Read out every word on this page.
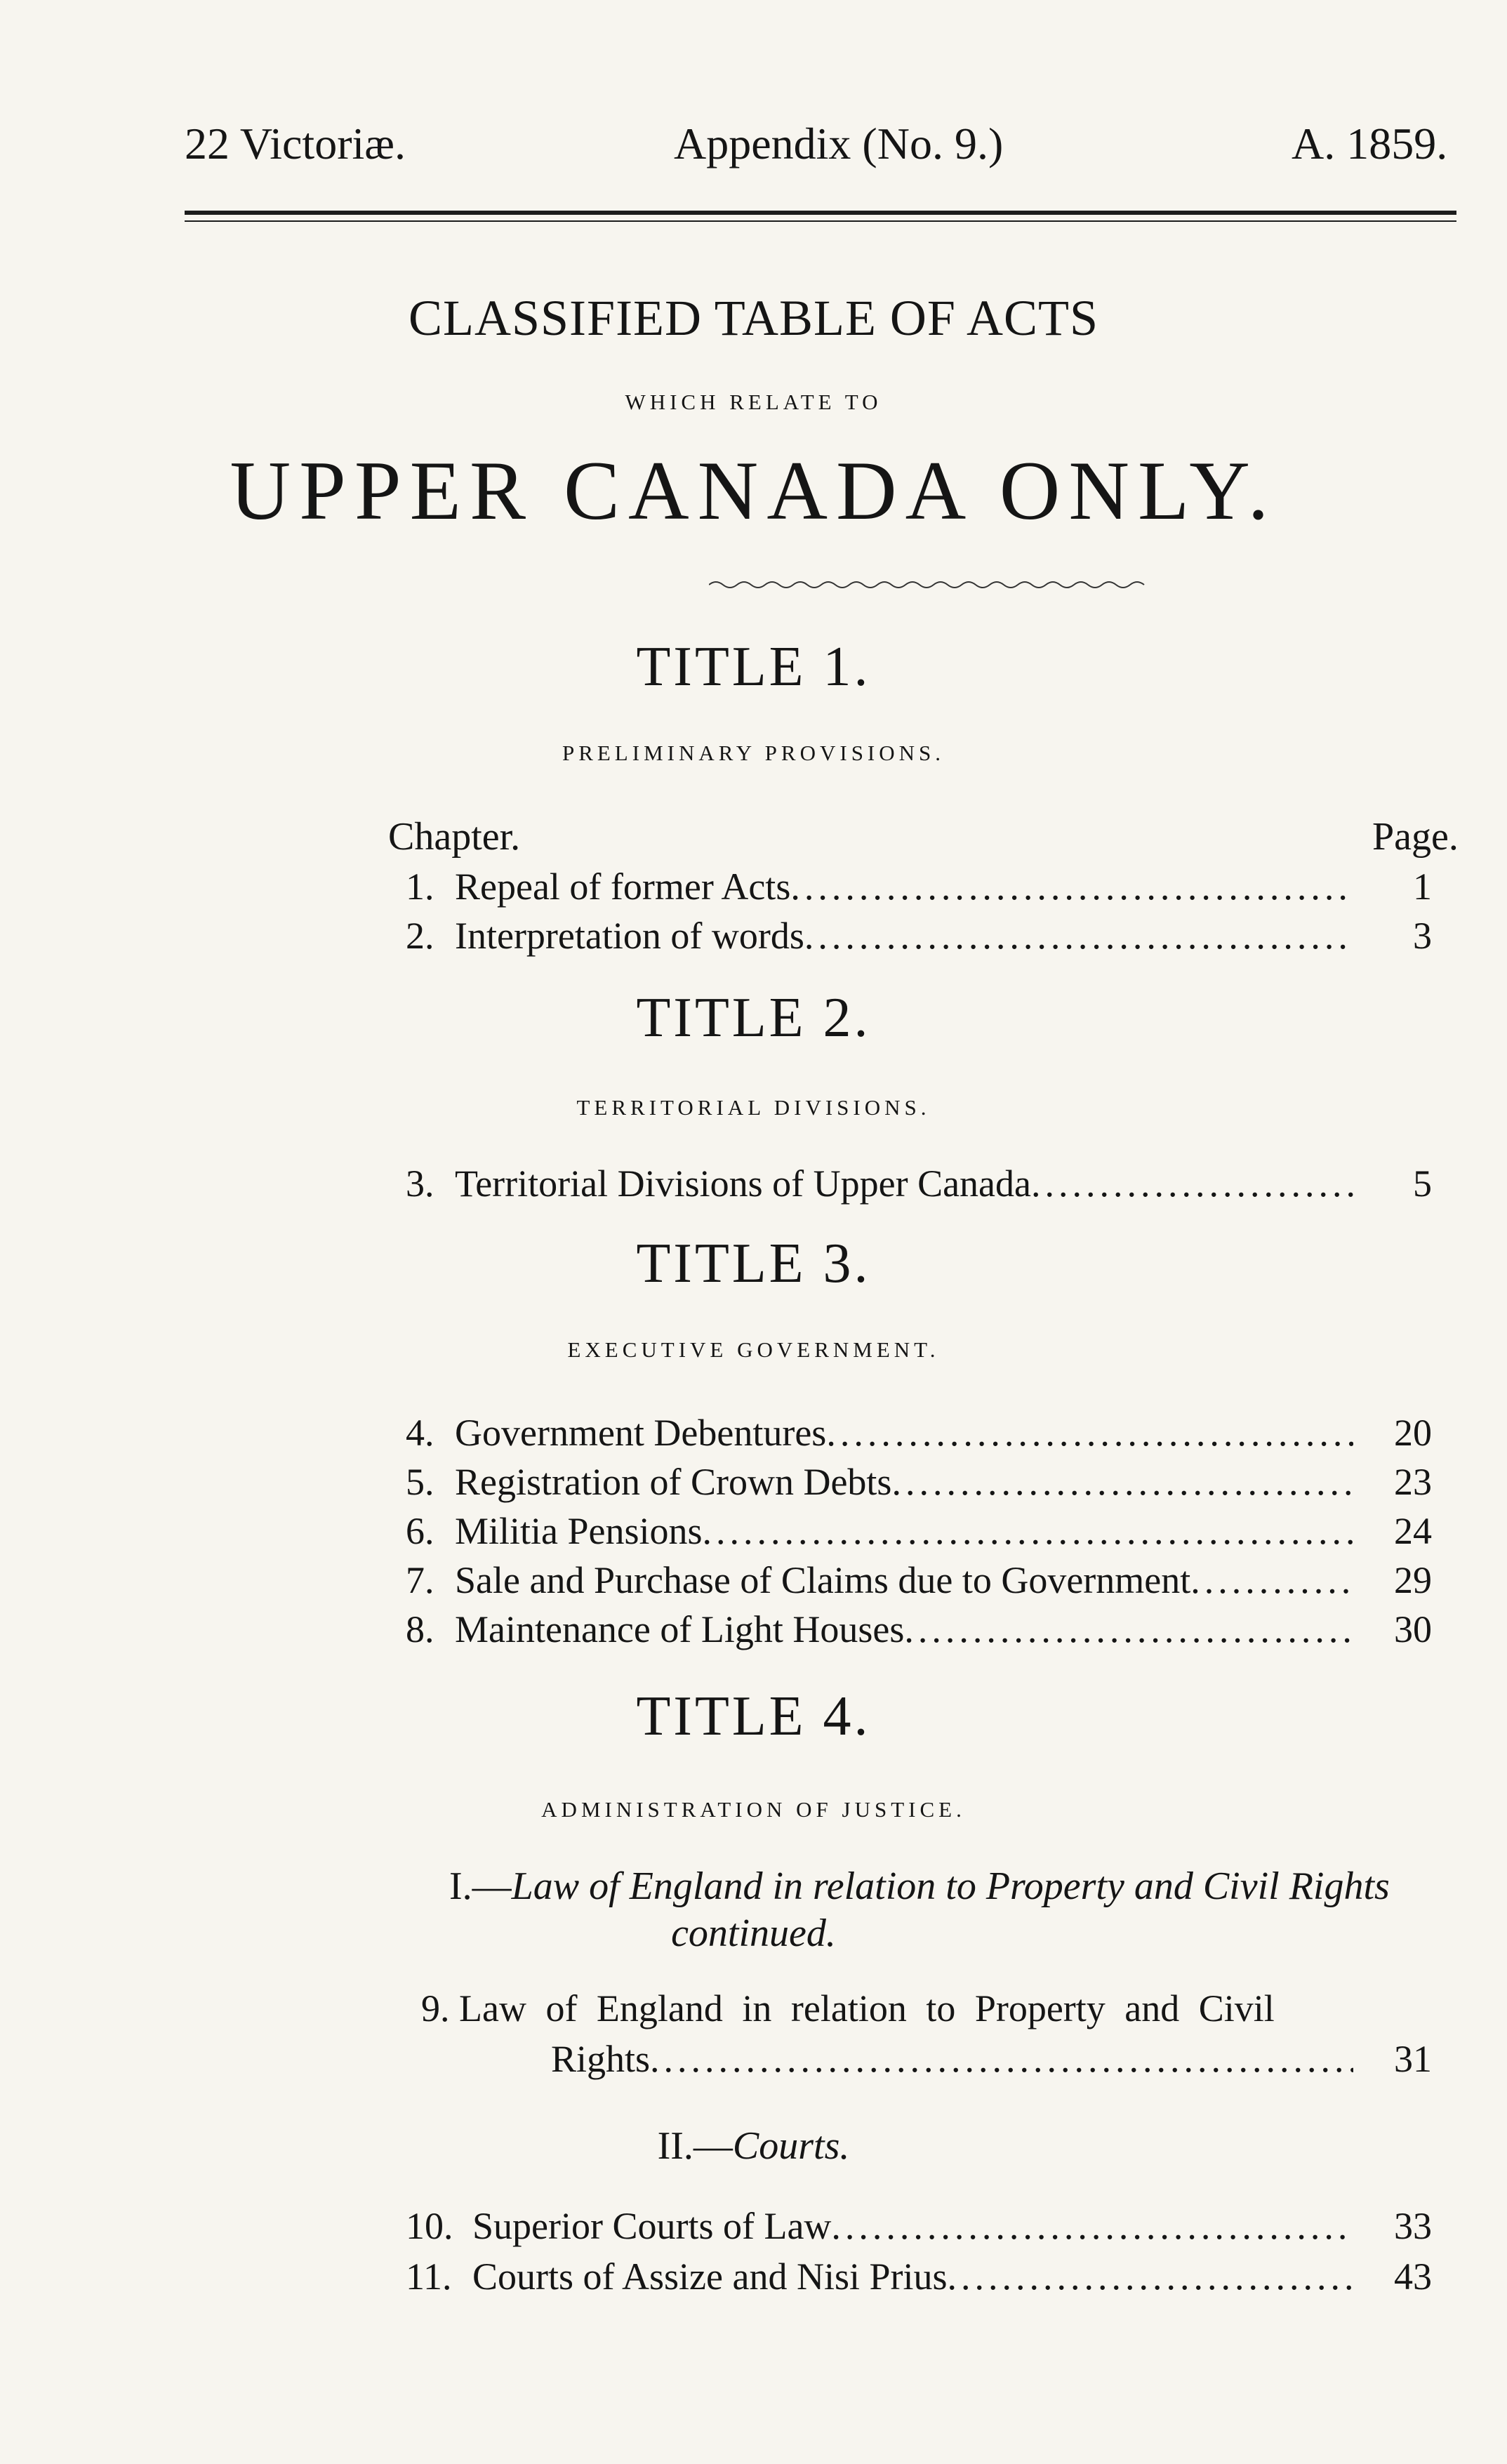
22 Victoriæ.	Appendix (No. 9.)	A. 1859.
CLASSIFIED TABLE OF ACTS
WHICH RELATE TO
UPPER CANADA ONLY.
TITLE 1.
PRELIMINARY PROVISIONS.
Chapter.	Page.
1. Repeal of former Acts .....	1
2. Interpretation of words .....	3
TITLE 2.
TERRITORIAL DIVISIONS.
3. Territorial Divisions of Upper Canada .....	5
TITLE 3.
EXECUTIVE GOVERNMENT.
4. Government Debentures .....	20
5. Registration of Crown Debts .....	23
6. Militia Pensions .....	24
7. Sale and Purchase of Claims due to Government .....	29
8. Maintenance of Light Houses .....	30
TITLE 4.
ADMINISTRATION OF JUSTICE.
I.—Law of England in relation to Property and Civil Rights
continued.
9. Law of England in relation to Property and Civil
Rights .....	31
II.—Courts.
10. Superior Courts of Law .....	33
11. Courts of Assize and Nisi Prius .....	43
